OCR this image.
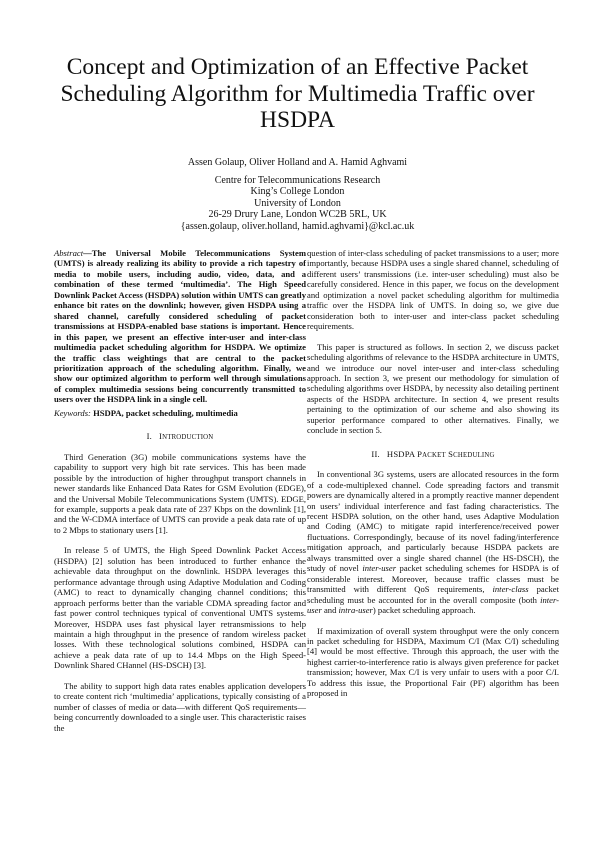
Concept and Optimization of an Effective Packet Scheduling Algorithm for Multimedia Traffic over HSDPA
Assen Golaup, Oliver Holland and A. Hamid Aghvami
Centre for Telecommunications Research
King’s College London
University of London
26-29 Drury Lane, London WC2B 5RL, UK
{assen.golaup, oliver.holland, hamid.aghvami}@kcl.ac.uk

Abstract—The Universal Mobile Telecommunications System (UMTS) is already realizing its ability to provide a rich tapestry of media to mobile users, including audio, video, data, and a combination of these termed ‘multimedia’. The High Speed Downlink Packet Access (HSDPA) solution within UMTS can greatly enhance bit rates on the downlink; however, given HSDPA using a shared channel, carefully considered scheduling of packet transmissions at HSDPA-enabled base stations is important. Hence in this paper, we present an effective inter-user and inter-class multimedia packet scheduling algorithm for HSDPA. We optimize the traffic class weightings that are central to the packet prioritization approach of the scheduling algorithm. Finally, we show our optimized algorithm to perform well through simulations of complex multimedia sessions being concurrently transmitted to users over the HSDPA link in a single cell.

Keywords: HSDPA, packet scheduling, multimedia

I. INTRODUCTION

Third Generation (3G) mobile communications systems have the capability to support very high bit rate services. This has been made possible by the introduction of higher throughput transport channels in newer standards like Enhanced Data Rates for GSM Evolution (EDGE), and the Universal Mobile Telecommunications System (UMTS). EDGE, for example, supports a peak data rate of 237 Kbps on the downlink [1], and the W-CDMA interface of UMTS can provide a peak data rate of up to 2 Mbps to stationary users [1].

In release 5 of UMTS, the High Speed Downlink Packet Access (HSDPA) [2] solution has been introduced to further enhance the achievable data throughput on the downlink. HSDPA leverages this performance advantage through using Adaptive Modulation and Coding (AMC) to react to dynamically changing channel conditions; this approach performs better than the variable CDMA spreading factor and fast power control techniques typical of conventional UMTS systems. Moreover, HSDPA uses fast physical layer retransmissions to help maintain a high throughput in the presence of random wireless packet losses. With these technological solutions combined, HSDPA can achieve a peak data rate of up to 14.4 Mbps on the High Speed-Downlink Shared CHannel (HS-DSCH) [3].

The ability to support high data rates enables application developers to create content rich ‘multimedia’ applications, typically consisting of a number of classes of media or data—with different QoS requirements—being concurrently downloaded to a single user. This characteristic raises the

question of inter-class scheduling of packet transmissions to a user; more importantly, because HSDPA uses a single shared channel, scheduling of different users’ transmissions (i.e. inter-user scheduling) must also be carefully considered. Hence in this paper, we focus on the development and optimization a novel packet scheduling algorithm for multimedia traffic over the HSDPA link of UMTS. In doing so, we give due consideration both to inter-user and inter-class packet scheduling requirements.

This paper is structured as follows. In section 2, we discuss packet scheduling algorithms of relevance to the HSDPA architecture in UMTS, and we introduce our novel inter-user and inter-class scheduling approach. In section 3, we present our methodology for simulation of scheduling algorithms over HSDPA, by necessity also detailing pertinent aspects of the HSDPA architecture. In section 4, we present results pertaining to the optimization of our scheme and also showing its superior performance compared to other alternatives. Finally, we conclude in section 5.

II. HSDPA PACKET SCHEDULING

In conventional 3G systems, users are allocated resources in the form of a code-multiplexed channel. Code spreading factors and transmit powers are dynamically altered in a promptly reactive manner dependent on users’ individual interference and fast fading characteristics. The recent HSDPA solution, on the other hand, uses Adaptive Modulation and Coding (AMC) to mitigate rapid interference/received power fluctuations. Correspondingly, because of its novel fading/interference mitigation approach, and particularly because HSDPA packets are always transmitted over a single shared channel (the HS-DSCH), the study of novel inter-user packet scheduling schemes for HSDPA is of considerable interest. Moreover, because traffic classes must be transmitted with different QoS requirements, inter-class packet scheduling must be accounted for in the overall composite (both inter-user and intra-user) packet scheduling approach.

If maximization of overall system throughput were the only concern in packet scheduling for HSDPA, Maximum C/I (Max C/I) scheduling [4] would be most effective. Through this approach, the user with the highest carrier-to-interference ratio is always given preference for packet transmission; however, Max C/I is very unfair to users with a poor C/I. To address this issue, the Proportional Fair (PF) algorithm has been proposed in
